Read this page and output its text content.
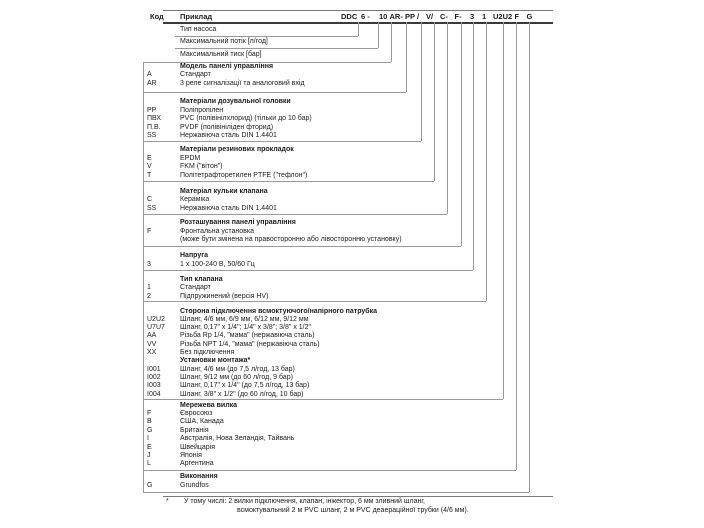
Код Приклад	DDC 6 - 10 AR- PP / V/ C- F- 3 1 U2U2 F G
Тип насоса
Максимальний потік [л/год]
Максимальний тиск [бар]
Модель панелі управління
A	Стандарт
AR	3 реле сигналізації та аналоговий вхід
Матеріали дозувальної головки
PP	Поліпропілен
ПВХ	PVC (полівінілхлорид) (тільки до 10 бар)
П.В.	PVDF (полівініліден фторид)
SS	Нержавіюча сталь DIN 1.4401
Матеріали резинових прокладок
E	EPDM
V	FKM ("вітон")
T	Політетрафторетилен PTFE ("тефлон")
Матеріал кульки клапана
C	Кераміка
SS	Нержавіюча сталь DIN 1.4401
Розташування панелі управління
F	Фронтальна установка
(може бути змінена на правосторонню або лівосторонню установку)
Напруга
3	1 x 100-240 В, 50/60 Гц
Тип клапана
1	Стандарт
2	Підпружинений (версія HV)
Сторона підключення всмоктуючого/напірного патрубка
U2U2 Шланг, 4/6 мм, 6/9 мм, 6/12 мм, 9/12 мм
U7U7 Шланг, 0,17" x 1/4"; 1/4" x 3/8"; 3/8" x 1/2"
AA	Різьба Rp 1/4, "мама" (нержавіюча сталь)
VV	Різьба NPT 1/4, "мама" (нержавіюча сталь)
XX	Без підключення
Установки монтажа*
I001	Шланг, 4/6 мм (до 7,5 л/год, 13 бар)
I002	Шланг, 9/12 мм (до 60 л/год, 9 бар)
I003	Шланг, 0,17" x 1/4" (до 7,5 л/год, 13 бар)
I004	Шланг, 3/8" x 1/2" (до 60 л/год, 10 бар)
Мережева вилка
F	Євросоюз
B	США, Канада
G	Британія
I	Австралія, Нова Зеландія, Тайвань
E	Швейцарія
J	Японія
L	Аргентина
Виконання
G	Grundfos
* У тому числі: 2 вилки підключення, клапан, інжектор, 6 мм зливний шланг,
всмоктувальний 2 м PVC шланг, 2 м PVC деаераційної трубки (4/6 мм).
